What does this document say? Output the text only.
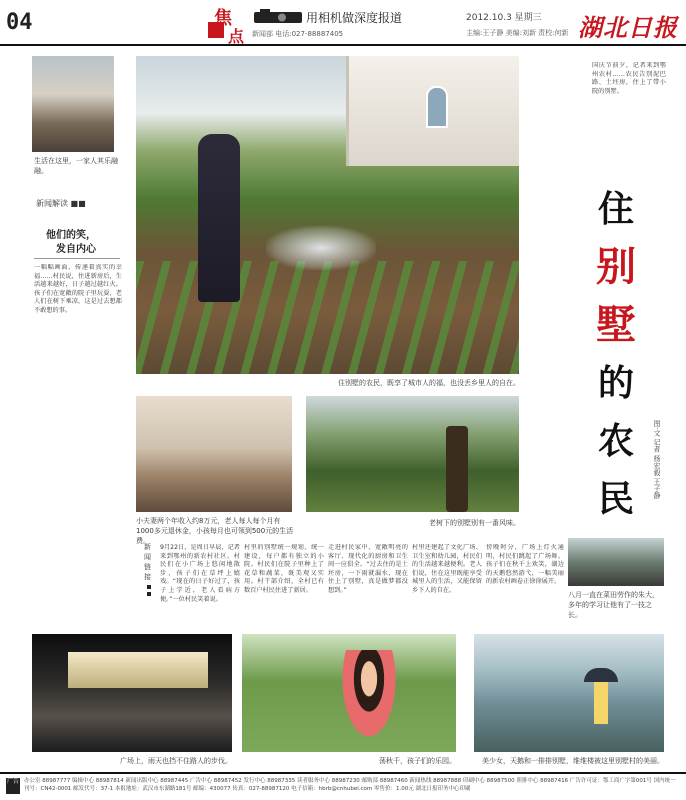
04	焦
点
用相机做深度报道	2012.10.3 星期三
新闻部 电话:027-88887405	主编:王子静 美编:刘新 责校:何新 湖北日报
生活在这里，一家人其乐融融。
新闻解读 ■■
他们的笑，
发自内心
一幅幅画面，传递着真实的幸福……村民说，住进新房后，生活越来越好，日子越过越红火。孩子们在宽敞的院子里玩耍，老人们在树下乘凉，这是过去想都不敢想的事。
住别墅的农民，既享了城市人的福，也没丢乡里人的自在。
小夫妻两个年收入约8万元，老人每人每个月有1000多元退休金，小孩每月也可领到500元的生活费。
老树下的别墅别有一番风味。
国庆节前夕，记者来到鄂州农村……农民告别泥巴路、土坯房，住上了带小院的别墅。
住
别
墅
的
农
民
图·文 记者 杨宏毅 王子静
新闻链接
9月22日，是周日早晨，记者来到鄂州的新农村社区。村民们在小广场上悠闲地散步，孩子们在草坪上嬉戏。“现在的日子好过了，孩子上学近，老人看病方便。”一位村民笑着说。
村里的别墅统一规划、统一建设，每户都有独立的小院。村民们在院子里种上了花草和蔬菜，既美观又实用。村干部介绍，全村已有数百户村民住进了新居。
走进村民家中，宽敞明亮的客厅、现代化的厨房和卫生间一应俱全。“过去住的是土坯房，一下雨就漏水，现在住上了别墅，真是做梦都没想到。”
村里还建起了文化广场、卫生室和幼儿园，村民们的生活越来越便利。老人们说，住在这里既能享受城里人的生活，又能保留乡下人的自在。
傍晚时分，广场上灯火通明，村民们跳起了广场舞。孩子们在秋千上欢笑，湖边的天鹅悠然游弋，一幅美丽的新农村画卷正徐徐展开。
八月一直在菜田劳作的朱大，多年的学习让他有了一技之长。
广场上，雨天也挡不住路人的步伐。	荡秋千，孩子们的乐园。	美少女，天鹅和一排排别墅，维维楼被这里别墅村的美丽。
广告 办公室 88987777 编辑中心 88987814 新闻出版中心 88987445 广告中心 88987452 发行中心 88987335 读者服务中心 88987230 邮购部 88987460 新闻热线 88987888 印刷中心 88987500 照排中心 88987416 广告许可证：鄂工商广字第001号 国内统一刊号：CN42-0001 邮发代号：37-1 本报地址：武汉市东湖路181号 邮编：430077 传真：027-88987120 电子信箱：hbrb@cnhubei.com 零售价：1.00元 湖北日报印务中心印刷
